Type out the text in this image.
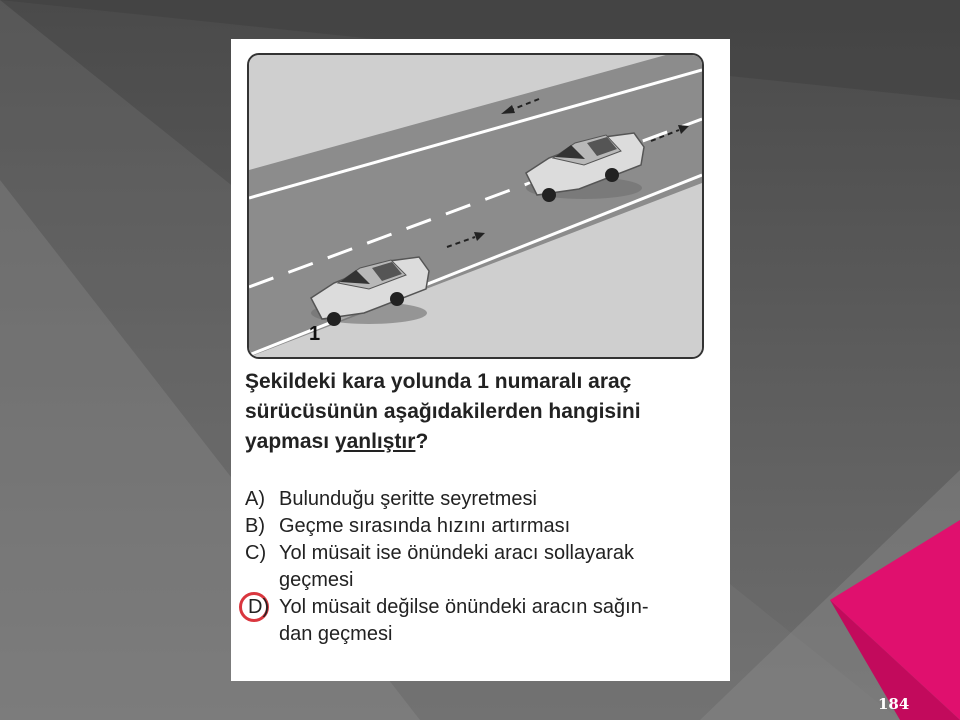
1
Şekildeki kara yolunda 1 numaralı araç sürücüsünün aşağıdakilerden hangisini yapması yanlıştır?
A) Bulunduğu şeritte seyretmesi
B) Geçme sırasında hızını artırması
C) Yol müsait ise önündeki aracı sollayarak
geçmesi
D) Yol müsait değilse önündeki aracın sağın-
dan geçmesi
184
